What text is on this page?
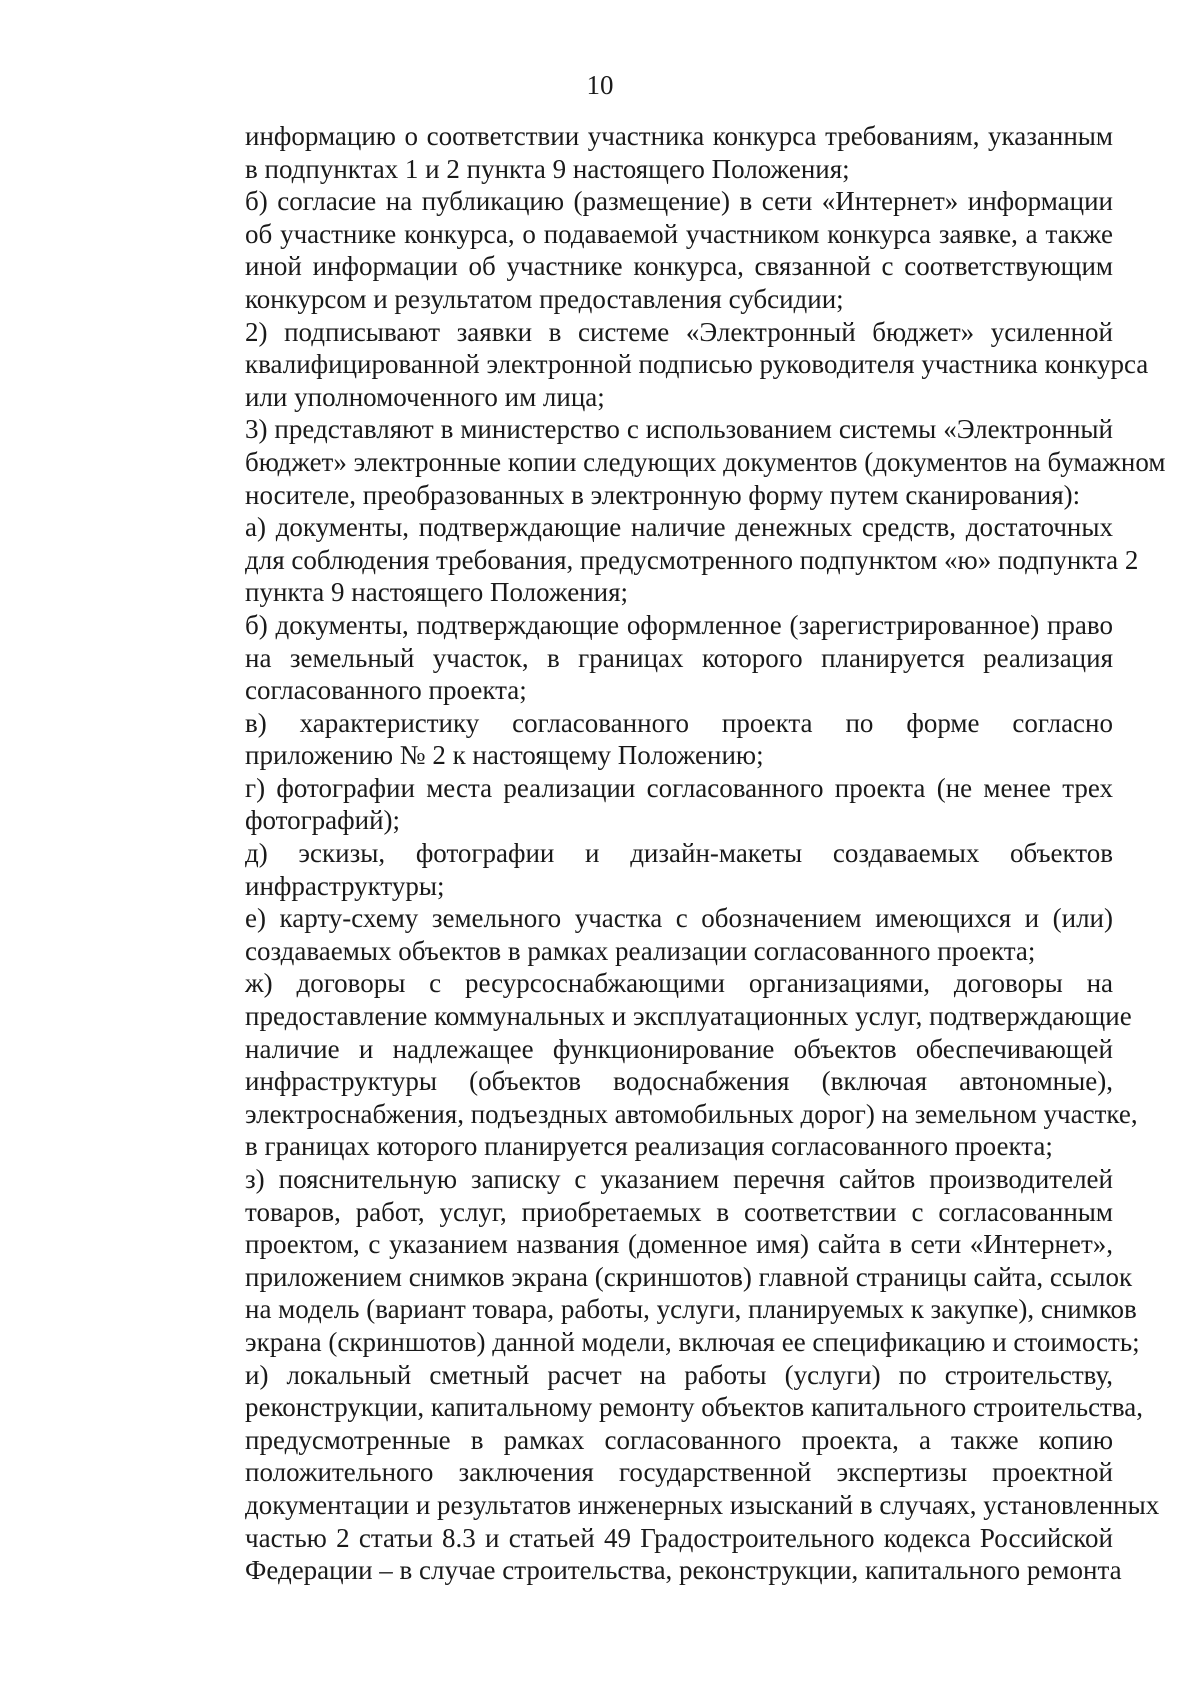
10
информацию о соответствии участника конкурса требованиям, указанным
в подпунктах 1 и 2 пункта 9 настоящего Положения;
б) согласие на публикацию (размещение) в сети «Интернет» информации
об участнике конкурса, о подаваемой участником конкурса заявке, а также
иной информации об участнике конкурса, связанной с соответствующим
конкурсом и результатом предоставления субсидии;
2) подписывают заявки в системе «Электронный бюджет» усиленной
квалифицированной электронной подписью руководителя участника конкурса
или уполномоченного им лица;
3) представляют в министерство с использованием системы «Электронный
бюджет» электронные копии следующих документов (документов на бумажном
носителе, преобразованных в электронную форму путем сканирования):
а) документы, подтверждающие наличие денежных средств, достаточных
для соблюдения требования, предусмотренного подпунктом «ю» подпункта 2
пункта 9 настоящего Положения;
б) документы, подтверждающие оформленное (зарегистрированное) право
на земельный участок, в границах которого планируется реализация
согласованного проекта;
в) характеристику согласованного проекта по форме согласно
приложению № 2 к настоящему Положению;
г) фотографии места реализации согласованного проекта (не менее трех
фотографий);
д) эскизы, фотографии и дизайн-макеты создаваемых объектов
инфраструктуры;
е) карту-схему земельного участка с обозначением имеющихся и (или)
создаваемых объектов в рамках реализации согласованного проекта;
ж) договоры с ресурсоснабжающими организациями, договоры на
предоставление коммунальных и эксплуатационных услуг, подтверждающие
наличие и надлежащее функционирование объектов обеспечивающей
инфраструктуры (объектов водоснабжения (включая автономные),
электроснабжения, подъездных автомобильных дорог) на земельном участке,
в границах которого планируется реализация согласованного проекта;
з) пояснительную записку с указанием перечня сайтов производителей
товаров, работ, услуг, приобретаемых в соответствии с согласованным
проектом, с указанием названия (доменное имя) сайта в сети «Интернет»,
приложением снимков экрана (скриншотов) главной страницы сайта, ссылок
на модель (вариант товара, работы, услуги, планируемых к закупке), снимков
экрана (скриншотов) данной модели, включая ее спецификацию и стоимость;
и) локальный сметный расчет на работы (услуги) по строительству,
реконструкции, капитальному ремонту объектов капитального строительства,
предусмотренные в рамках согласованного проекта, а также копию
положительного заключения государственной экспертизы проектной
документации и результатов инженерных изысканий в случаях, установленных
частью 2 статьи 8.3 и статьей 49 Градостроительного кодекса Российской
Федерации – в случае строительства, реконструкции, капитального ремонта
